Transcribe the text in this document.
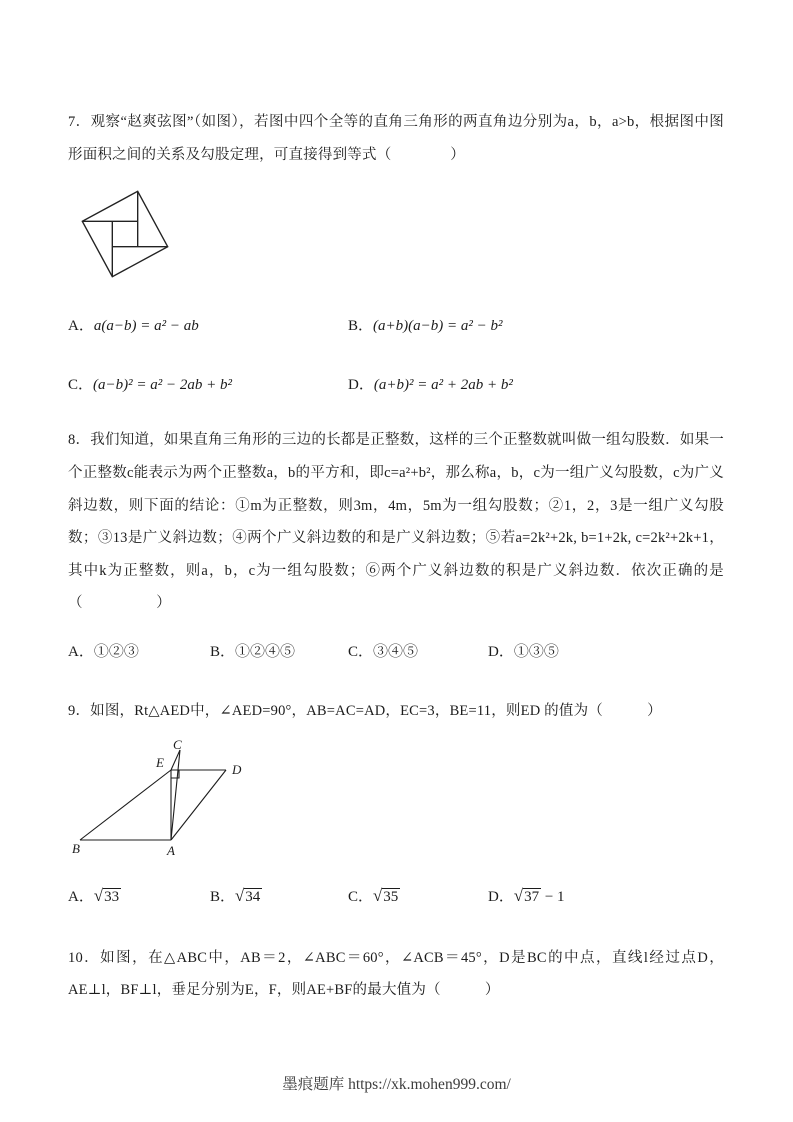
7．观察“赵爽弦图”（如图），若图中四个全等的直角三角形的两直角边分别为a，b，a>b，根据图中图形面积之间的关系及勾股定理，可直接得到等式（　　　　）

A．a(a−b) = a² − ab	B．(a+b)(a−b) = a² − b²
C．(a−b)² = a² − 2ab + b²	D．(a+b)² = a² + 2ab + b²

8．我们知道，如果直角三角形的三边的长都是正整数，这样的三个正整数就叫做一组勾股数．如果一个正整数c能表示为两个正整数a，b的平方和，即c=a²+b²，那么称a，b，c为一组广义勾股数，c为广义斜边数，则下面的结论：①m为正整数，则3m，4m，5m为一组勾股数；②1，2，3是一组广义勾股数；③13是广义斜边数；④两个广义斜边数的和是广义斜边数；⑤若a=2k²+2k, b=1+2k, c=2k²+2k+1，其中k为正整数，则a，b，c为一组勾股数；⑥两个广义斜边数的积是广义斜边数．依次正确的是（　　　　　）

A．①②③	B．①②④⑤	C．③④⑤	D．①③⑤

9．如图，Rt△AED中，∠AED=90°，AB=AC=AD，EC=3，BE=11，则ED 的值为（　　　）

B	A
E
C
D
A．√33	B．√34	C．√35	D．√37 − 1

10．如图，在△ABC中，AB＝2，∠ABC＝60°，∠ACB＝45°，D是BC的中点，直线l经过点D，AE⊥l，BF⊥l，垂足分别为E，F，则AE+BF的最大值为（　　　）

墨痕题库 https://xk.mohen999.com/
